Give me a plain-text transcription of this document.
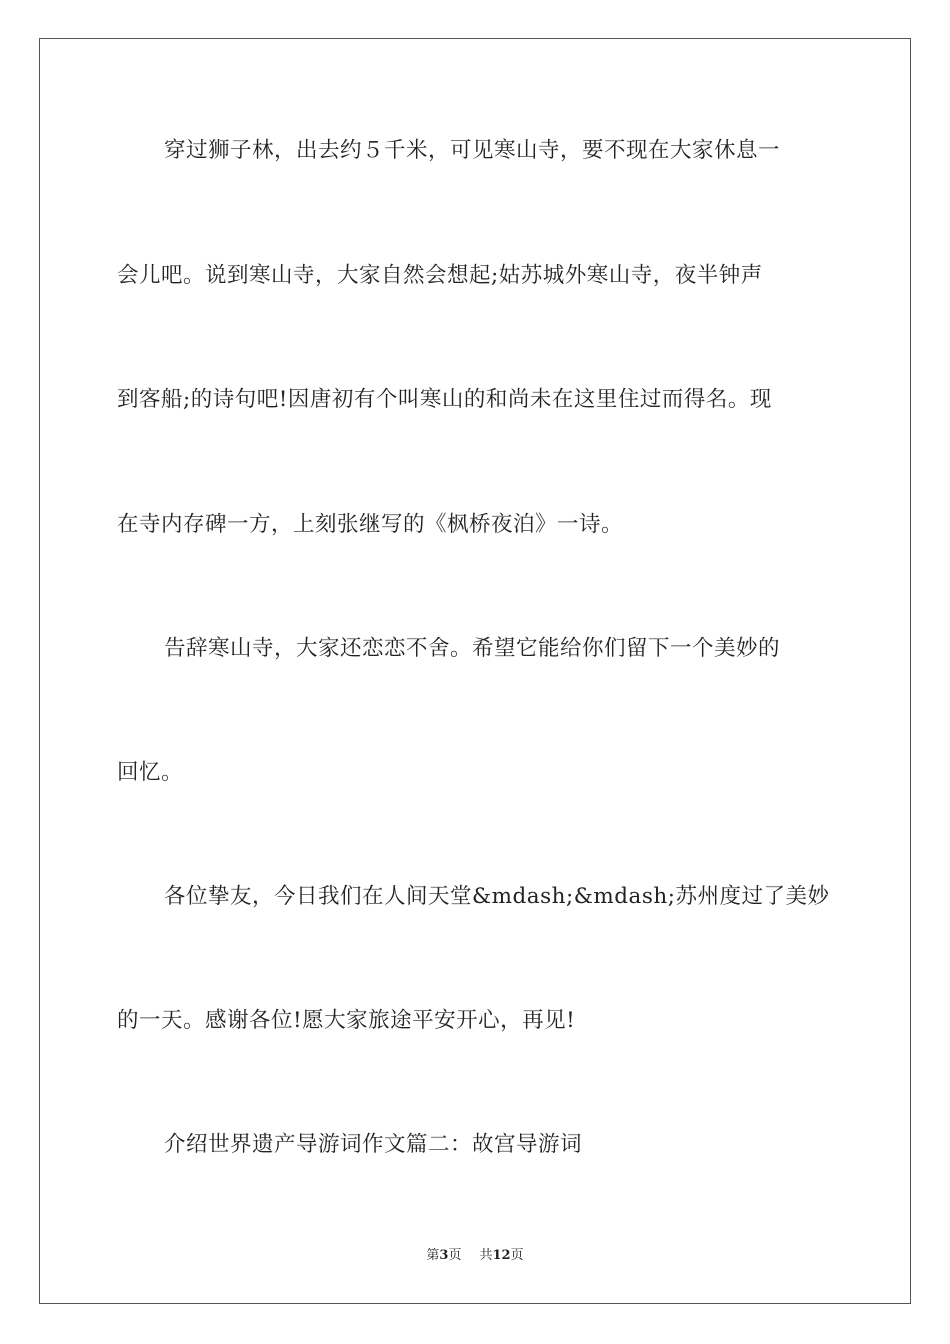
穿过狮子林，出去约５千米，可见寒山寺，要不现在大家休息一
会儿吧。说到寒山寺，大家自然会想起;姑苏城外寒山寺，夜半钟声
到客船;的诗句吧!因唐初有个叫寒山的和尚未在这里住过而得名。现
在寺内存碑一方，上刻张继写的《枫桥夜泊》一诗。
告辞寒山寺，大家还恋恋不舍。希望它能给你们留下一个美妙的
回忆。
各位挚友，今日我们在人间天堂&mdash;&mdash;苏州度过了美妙
的一天。感谢各位!愿大家旅途平安开心，再见!
介绍世界遗产导游词作文篇二：故宫导游词
第3页 共12页
